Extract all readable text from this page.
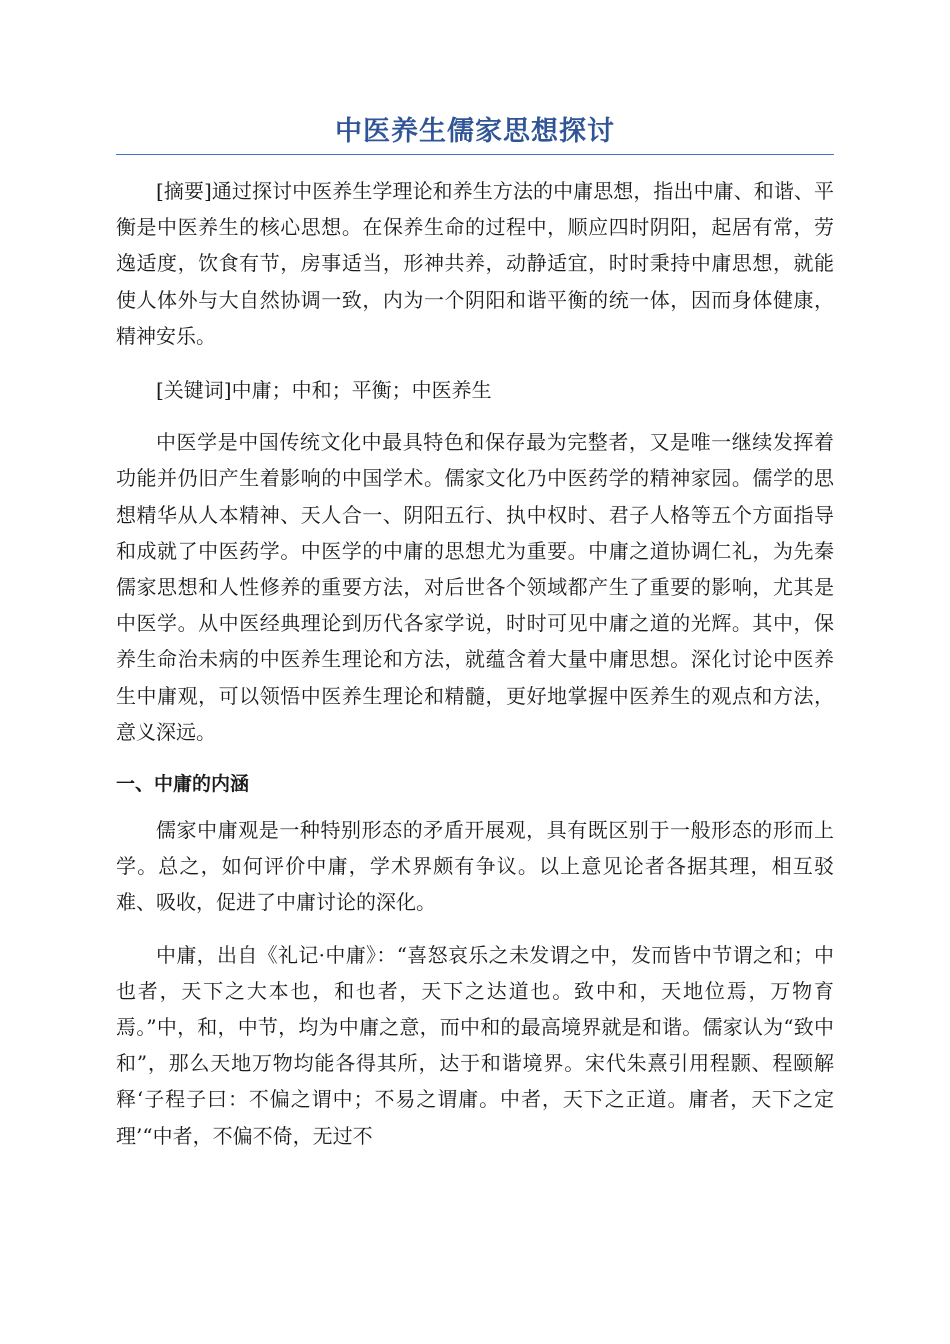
中医养生儒家思想探讨

[摘要]通过探讨中医养生学理论和养生方法的中庸思想，指出中庸、和谐、平衡是中医养生的核心思想。在保养生命的过程中，顺应四时阴阳，起居有常，劳逸适度，饮食有节，房事适当，形神共养，动静适宜，时时秉持中庸思想，就能使人体外与大自然协调一致，内为一个阴阳和谐平衡的统一体，因而身体健康，精神安乐。

[关键词]中庸；中和；平衡；中医养生

中医学是中国传统文化中最具特色和保存最为完整者，又是唯一继续发挥着功能并仍旧产生着影响的中国学术。儒家文化乃中医药学的精神家园。儒学的思想精华从人本精神、天人合一、阴阳五行、执中权时、君子人格等五个方面指导和成就了中医药学。中医学的中庸的思想尤为重要。中庸之道协调仁礼，为先秦儒家思想和人性修养的重要方法，对后世各个领域都产生了重要的影响，尤其是中医学。从中医经典理论到历代各家学说，时时可见中庸之道的光辉。其中，保养生命治未病的中医养生理论和方法，就蕴含着大量中庸思想。深化讨论中医养生中庸观，可以领悟中医养生理论和精髓，更好地掌握中医养生的观点和方法，意义深远。

一、中庸的内涵

儒家中庸观是一种特别形态的矛盾开展观，具有既区别于一般形态的形而上学。总之，如何评价中庸，学术界颇有争议。以上意见论者各据其理，相互驳难、吸收，促进了中庸讨论的深化。

中庸，出自《礼记·中庸》：“喜怒哀乐之未发谓之中，发而皆中节谓之和；中也者，天下之大本也，和也者，天下之达道也。致中和，天地位焉，万物育焉。”中，和，中节，均为中庸之意，而中和的最高境界就是和谐。儒家认为“致中和”，那么天地万物均能各得其所，达于和谐境界。宋代朱熹引用程颢、程颐解释‘子程子曰：不偏之谓中；不易之谓庸。中者，天下之正道。庸者，天下之定理’“中者，不偏不倚，无过不
